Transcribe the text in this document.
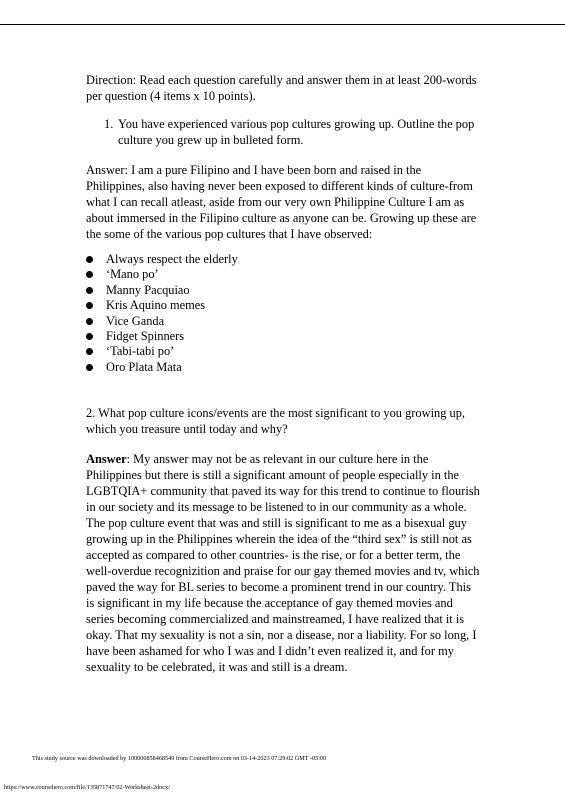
Direction: Read each question carefully and answer them in at least 200-words per question (4 items x 10 points).
1. You have experienced various pop cultures growing up. Outline the pop culture you grew up in bulleted form.
Answer: I am a pure Filipino and I have been born and raised in the Philippines, also having never been exposed to different kinds of culture-from what I can recall atleast, aside from our very own Philippine Culture I am as about immersed in the Filipino culture as anyone can be. Growing up these are the some of the various pop cultures that I have observed:
Always respect the elderly
‘Mano po’
Manny Pacquiao
Kris Aquino memes
Vice Ganda
Fidget Spinners
‘Tabi-tabi po’
Oro Plata Mata
2. What pop culture icons/events are the most significant to you growing up, which you treasure until today and why?
Answer: My answer may not be as relevant in our culture here in the Philippines but there is still a significant amount of people especially in the LGBTQIA+ community that paved its way for this trend to continue to flourish in our society and its message to be listened to in our community as a whole. The pop culture event that was and still is significant to me as a bisexual guy growing up in the Philippines wherein the idea of the “third sex” is still not as accepted as compared to other countries- is the rise, or for a better term, the well-overdue recognizition and praise for our gay themed movies and tv, which paved the way for BL series to become a prominent trend in our country. This is significant in my life because the acceptance of gay themed movies and series becoming commercialized and mainstreamed, I have realized that it is okay. That my sexuality is not a sin, nor a disease, nor a liability. For so long, I have been ashamed for who I was and I didn’t even realized it, and for my sexuality to be celebrated, it was and still is a dream.
This study source was downloaded by 100000858468549 from CourseHero.com on 03-14-2023 07:29:02 GMT -05:00
https://www.coursehero.com/file/135871747/02-Worksheet-2docx/
